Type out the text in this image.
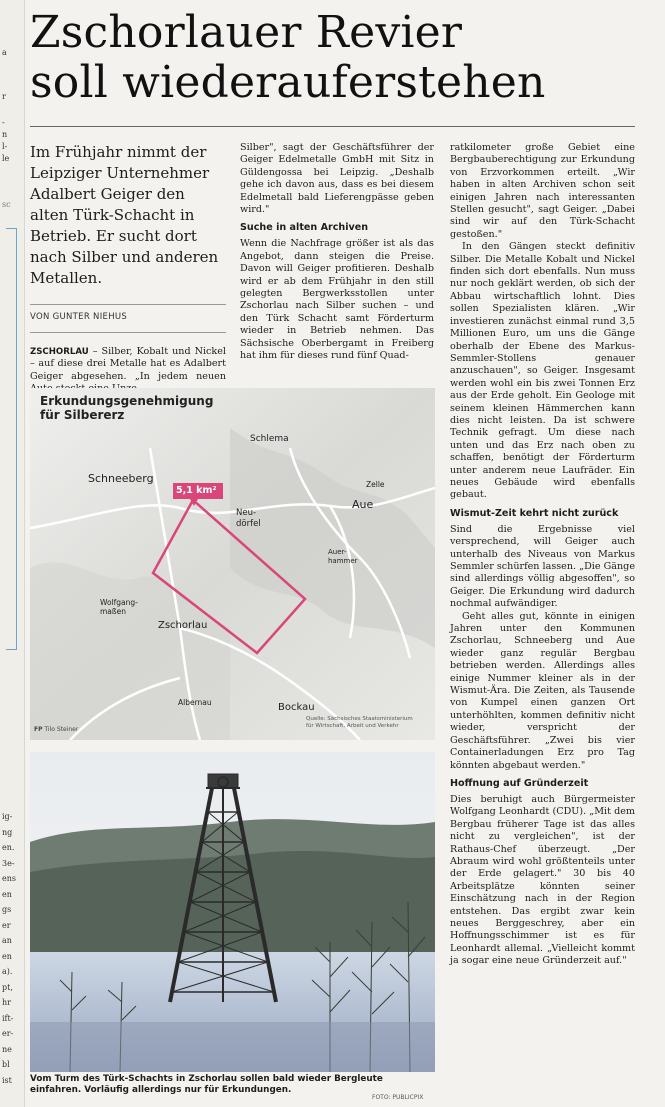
a
r
-
n
l-
le
sc
ig-
ng
en.
3e-
ens
en
gs
er
an
en
a).
pt,
hr
ift-
er-
ne
bl
ist
Zschorlauer Revier
soll wiederauferstehen

Im Frühjahr nimmt der Leipziger Unternehmer Adalbert Geiger den alten Türk-Schacht in Betrieb. Er sucht dort nach Silber und anderen Metallen.

VON GUNTER NIEHUS

ZSCHORLAU – Silber, Kobalt und Nickel – auf diese drei Metalle hat es Adalbert Geiger abgesehen. „In jedem neuen

Silber", sagt der Geschäftsführer der Geiger Edelmetalle GmbH mit Sitz in Güldengossa bei Leipzig. „Deshalb gehe ich davon aus, dass es bei diesem Edelmetall bald Lieferengpässe geben wird."

Suche in alten Archiven

Wenn die Nachfrage größer ist als das Angebot, dann steigen die Preise. Davon will Geiger profitieren. Deshalb wird er ab dem Frühjahr in den still gelegten Bergwerksstollen unter Zschorlau nach Silber suchen – und den Türk Schacht samt Förderturm wieder in Betrieb nehmen. Das Sächsische Oberbergamt in Freiberg hat ihm für dieses rund fünf Quad-

ratkilometer große Gebiet eine Bergbauberechtigung zur Erkundung von Erzvorkommen erteilt. „Wir haben in alten Archiven schon seit einigen Jahren nach interessanten Stellen gesucht", sagt Geiger. „Dabei sind wir auf den Türk-Schacht gestoßen."

In den Gängen steckt definitiv Silber. Die Metalle Kobalt und Nickel finden sich dort ebenfalls. Nun muss nur noch geklärt werden, ob sich der Abbau wirtschaftlich lohnt. Dies sollen Spezialisten klären. „Wir investieren zunächst einmal rund 3,5 Millionen Euro, um uns die Gänge oberhalb der Ebene des Markus-Semmler-Stollens genauer anzuschauen", so Geiger. Insgesamt werden wohl ein bis zwei Tonnen Erz aus der Erde geholt. Ein Geologe mit seinem kleinen Hämmerchen kann dies nicht leisten. Da ist schwere Technik gefragt. Um diese nach unten und das Erz nach oben zu schaffen, benötigt der Förderturm unter anderem neue Laufräder. Ein neues Gebäude wird ebenfalls gebaut.

Wismut-Zeit kehrt nicht zurück

Sind die Ergebnisse viel versprechend, will Geiger auch unterhalb des Niveaus von Markus Semmler schürfen lassen. „Die Gänge sind allerdings völlig abgesoffen", so Geiger. Die Erkundung wird dadurch nochmal aufwändiger.

Geht alles gut, könnte in einigen Jahren unter den Kommunen Zschorlau, Schneeberg und Aue wieder ganz regulär Bergbau betrieben werden. Allerdings alles einige Nummer kleiner als in der Wismut-Ära. Die Zeiten, als Tausende von Kumpel einen ganzen Ort unterhöhlten, kommen definitiv nicht wieder, verspricht der Geschäftsführer. „Zwei bis vier Containerladungen Erz pro Tag könnten abgebaut werden."

Hoffnung auf Gründerzeit

Dies beruhigt auch Bürgermeister Wolfgang Leonhardt (CDU). „Mit dem Bergbau früherer Tage ist das alles nicht zu vergleichen", ist der Rathaus-Chef überzeugt. „Der Abraum wird wohl größtenteils unter der Erde gelagert." 30 bis 40 Arbeitsplätze könnten seiner Einschätzung nach in der Region entstehen. Das ergibt zwar kein neues Berggeschrey, aber ein Hoffnungsschimmer ist es für Leonhardt allemal. „Vielleicht kommt ja sogar eine neue Gründerzeit auf."

Erkundungsgenehmigung
für Silbererz
5,1 km²
Schlema
Schneeberg	Zelle
Aue
Neu-
dörfel
Auer-
hammer
Wolfgang-
maßen
Zschorlau
Albernau	Bockau
FP Tilo Steiner
Quelle: Sächsisches Staatsministerium
für Wirtschaft, Arbeit und Verkehr

Vom Turm des Türk-Schachts in Zschorlau sollen bald wieder Bergleute einfahren. Vorläufig allerdings nur für Erkundungen.

FOTO: PUBLICPIX
